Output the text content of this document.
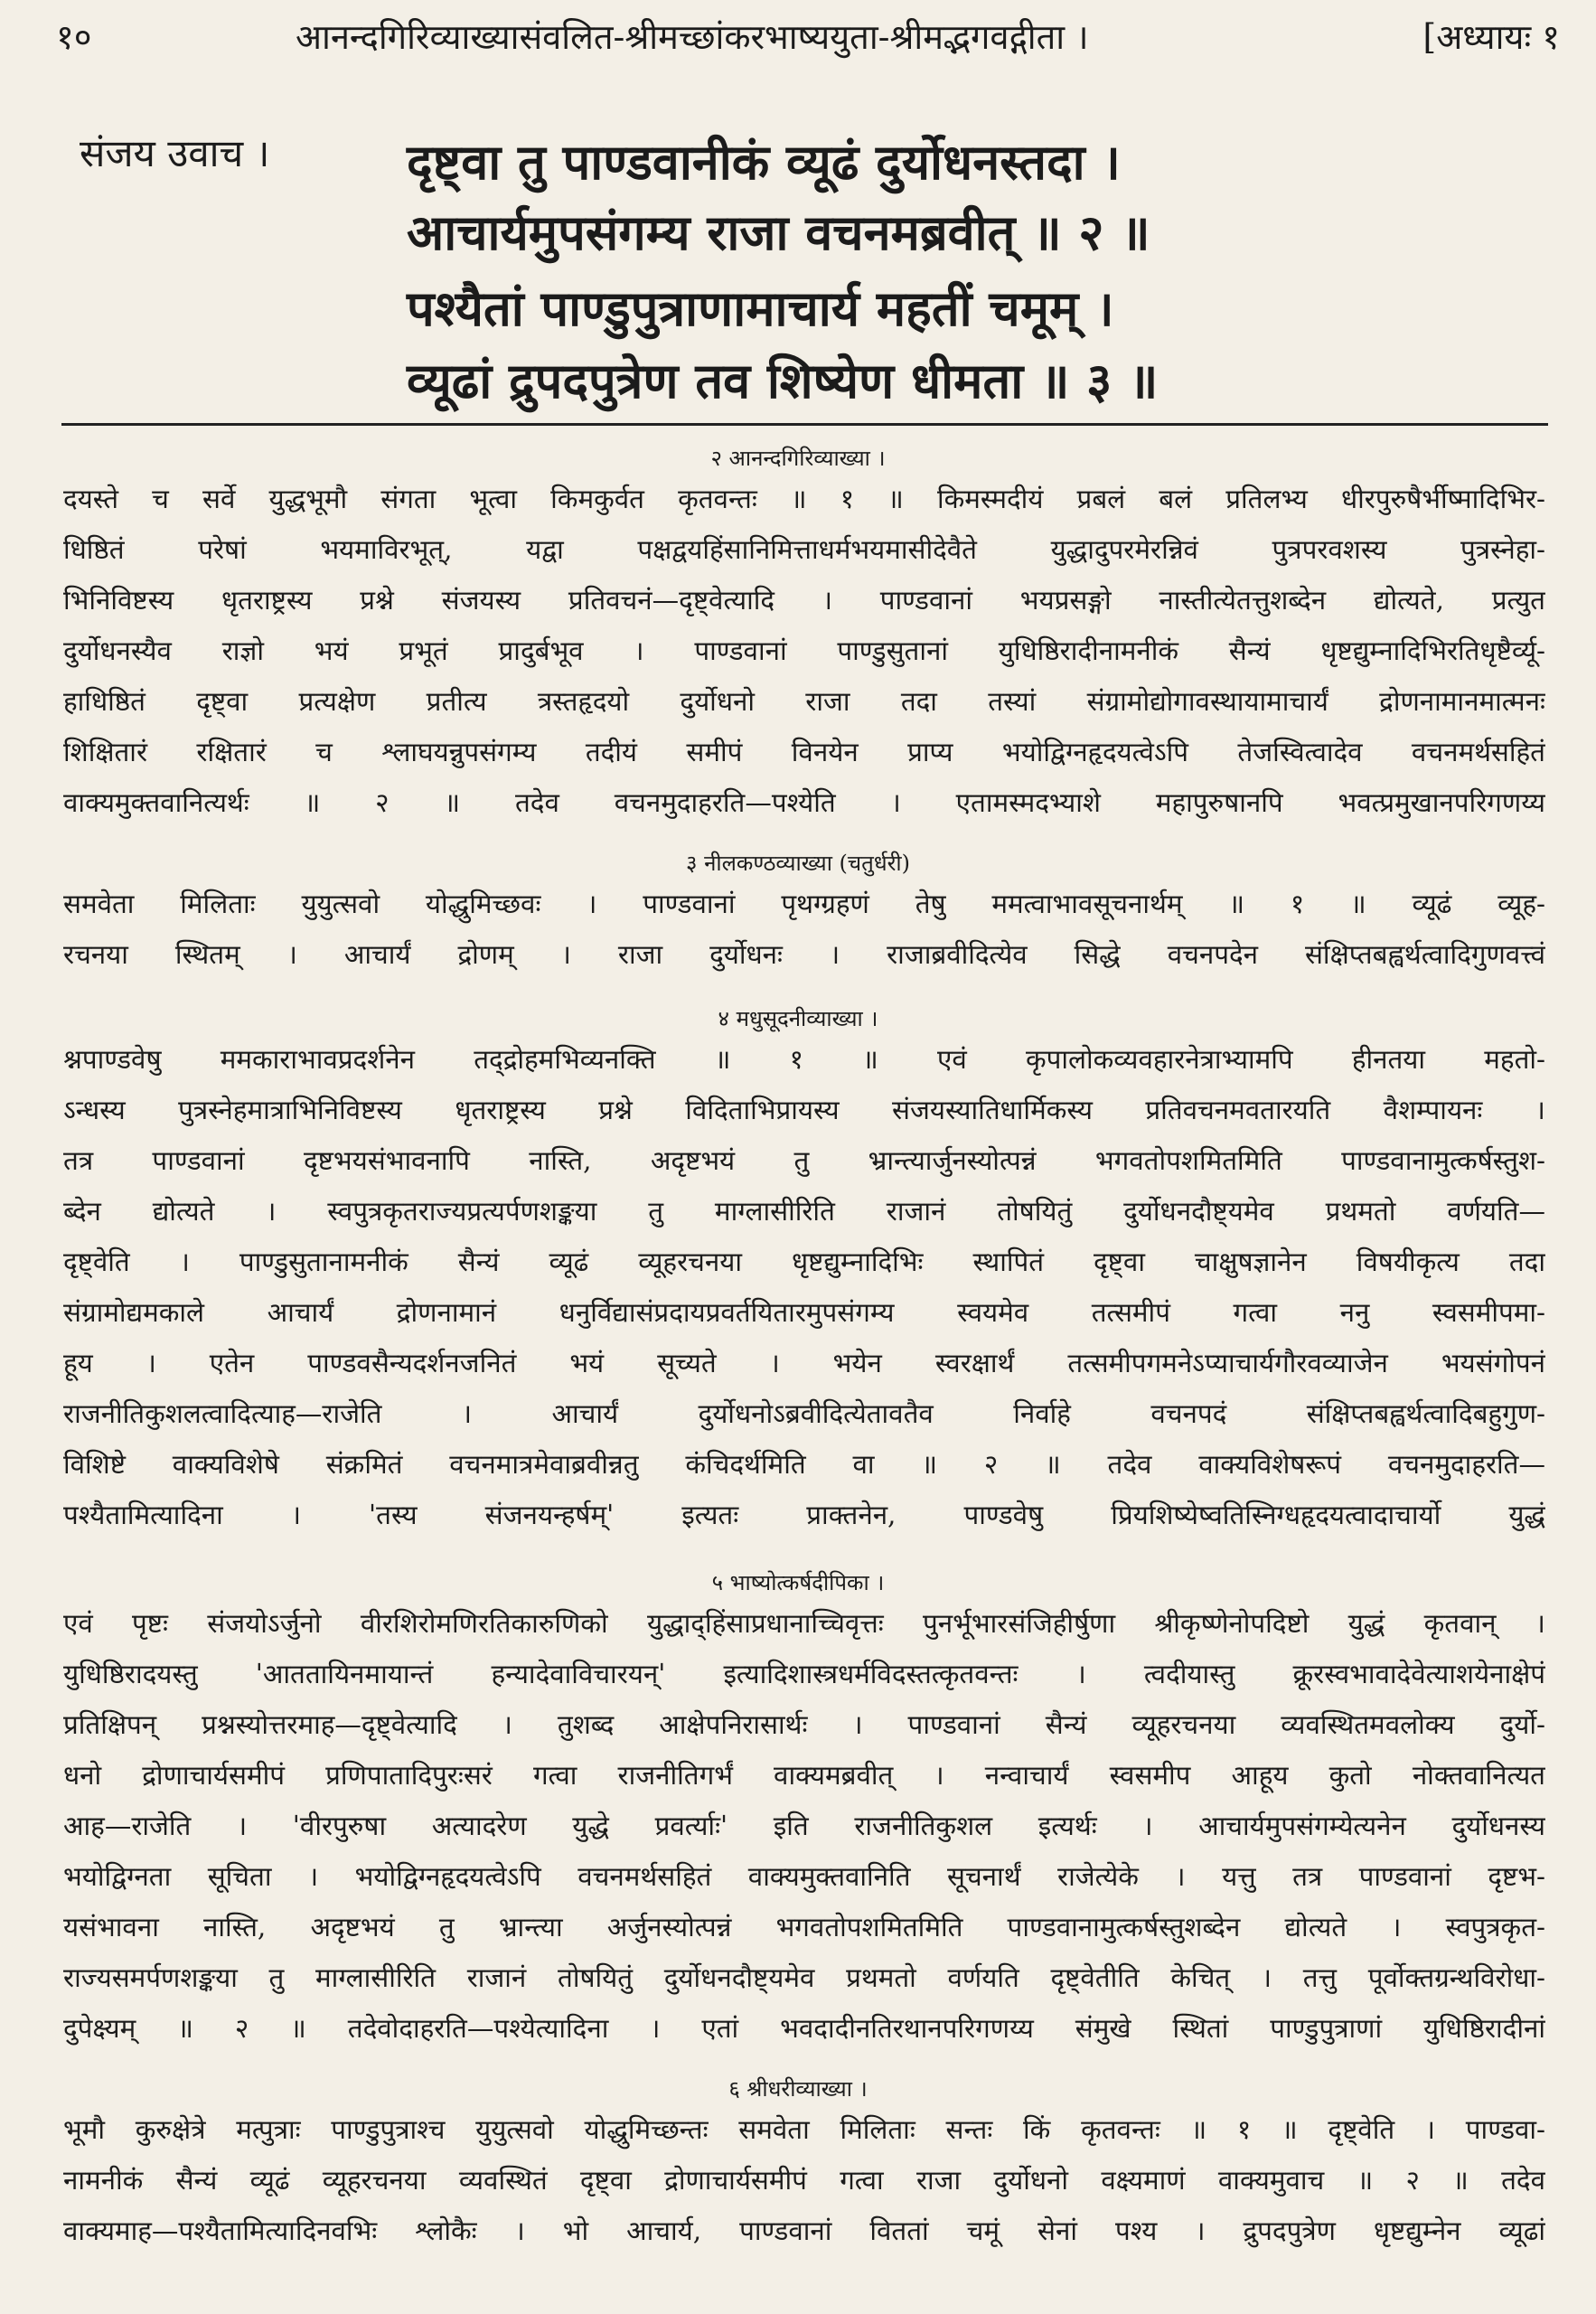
१०	आनन्दगिरिव्याख्यासंवलित-श्रीमच्छांकरभाष्ययुता-श्रीमद्भगवद्गीता ।	[अध्यायः १
संजय उवाच ।	दृष्ट्वा तु पाण्डवानीकं व्यूढं दुर्योधनस्तदा ।
आचार्यमुपसंगम्य राजा वचनमब्रवीत् ॥ २ ॥
पश्यैतां पाण्डुपुत्राणामाचार्य महतीं चमूम् ।
व्यूढां द्रुपदपुत्रेण तव शिष्येण धीमता ॥ ३ ॥
२ आनन्दगिरिव्याख्या ।
दयस्ते च सर्वे युद्धभूमौ संगता भूत्वा किमकुर्वत कृतवन्तः ॥ १ ॥ किमस्मदीयं प्रबलं बलं प्रतिलभ्य धीरपुरुषैर्भीष्मादिभिर-
धिष्ठितं परेषां भयमाविरभूत्, यद्वा पक्षद्वयहिंसानिमित्ताधर्मभयमासीदेवैते युद्धादुपरमेरन्निवं पुत्रपरवशस्य पुत्रस्नेहा-
भिनिविष्टस्य धृतराष्ट्रस्य प्रश्ने संजयस्य प्रतिवचनं—दृष्ट्वेत्यादि । पाण्डवानां भयप्रसङ्गो नास्तीत्येतत्तुशब्देन द्योत्यते, प्रत्युत
दुर्योधनस्यैव राज्ञो भयं प्रभूतं प्रादुर्बभूव । पाण्डवानां पाण्डुसुतानां युधिष्ठिरादीनामनीकं सैन्यं धृष्टद्युम्नादिभिरतिधृष्टैर्व्यू-
हाधिष्ठितं दृष्ट्वा प्रत्यक्षेण प्रतीत्य त्रस्तहृदयो दुर्योधनो राजा तदा तस्यां संग्रामोद्योगावस्थायामाचार्यं द्रोणनामानमात्मनः
शिक्षितारं रक्षितारं च श्लाघयन्नुपसंगम्य तदीयं समीपं विनयेन प्राप्य भयोद्विग्नहृदयत्वेऽपि तेजस्वित्वादेव वचनमर्थसहितं
वाक्यमुक्तवानित्यर्थः ॥ २ ॥ तदेव वचनमुदाहरति—पश्येति । एतामस्मदभ्याशे महापुरुषानपि भवत्प्रमुखानपरिगणय्य
३ नीलकण्ठव्याख्या (चतुर्धरी)
समवेता मिलिताः युयुत्सवो योद्धुमिच्छवः । पाण्डवानां पृथग्ग्रहणं तेषु ममत्वाभावसूचनार्थम् ॥ १ ॥ व्यूढं व्यूह-
रचनया स्थितम् । आचार्यं द्रोणम् । राजा दुर्योधनः । राजाब्रवीदित्येव सिद्धे वचनपदेन संक्षिप्तबह्वर्थत्वादिगुणवत्त्वं
४ मधुसूदनीव्याख्या ।
श्नपाण्डवेषु ममकाराभावप्रदर्शनेन तद्द्रोहमभिव्यनक्ति ॥ १ ॥ एवं कृपालोकव्यवहारनेत्राभ्यामपि हीनतया महतो-
ऽन्धस्य पुत्रस्नेहमात्राभिनिविष्टस्य धृतराष्ट्रस्य प्रश्ने विदिताभिप्रायस्य संजयस्यातिधार्मिकस्य प्रतिवचनमवतारयति वैशम्पायनः ।
तत्र पाण्डवानां दृष्टभयसंभावनापि नास्ति, अदृष्टभयं तु भ्रान्त्यार्जुनस्योत्पन्नं भगवतोपशमितमिति पाण्डवानामुत्कर्षस्तुश-
ब्देन द्योत्यते । स्वपुत्रकृतराज्यप्रत्यर्पणशङ्कया तु माग्लासीरिति राजानं तोषयितुं दुर्योधनदौष्ट्यमेव प्रथमतो वर्णयति—
दृष्ट्वेति । पाण्डुसुतानामनीकं सैन्यं व्यूढं व्यूहरचनया धृष्टद्युम्नादिभिः स्थापितं दृष्ट्वा चाक्षुषज्ञानेन विषयीकृत्य तदा
संग्रामोद्यमकाले आचार्यं द्रोणनामानं धनुर्विद्यासंप्रदायप्रवर्तयितारमुपसंगम्य स्वयमेव तत्समीपं गत्वा ननु स्वसमीपमा-
हूय । एतेन पाण्डवसैन्यदर्शनजनितं भयं सूच्यते । भयेन स्वरक्षार्थं तत्समीपगमनेऽप्याचार्यगौरवव्याजेन भयसंगोपनं
राजनीतिकुशलत्वादित्याह—राजेति । आचार्यं दुर्योधनोऽब्रवीदित्येतावतैव निर्वाहे वचनपदं संक्षिप्तबह्वर्थत्वादिबहुगुण-
विशिष्टे वाक्यविशेषे संक्रमितं वचनमात्रमेवाब्रवीन्नतु कंचिदर्थमिति वा ॥ २ ॥ तदेव वाक्यविशेषरूपं वचनमुदाहरति—
पश्यैतामित्यादिना । 'तस्य संजनयन्हर्षम्' इत्यतः प्राक्तनेन, पाण्डवेषु प्रियशिष्येष्वतिस्निग्धहृदयत्वादाचार्यो युद्धं
५ भाष्योत्कर्षदीपिका ।
एवं पृष्टः संजयोऽर्जुनो वीरशिरोमणिरतिकारुणिको युद्धाद्हिंसाप्रधानाच्चिवृत्तः पुनर्भूभारसंजिहीर्षुणा श्रीकृष्णेनोपदिष्टो युद्धं कृतवान् ।
युधिष्ठिरादयस्तु 'आततायिनमायान्तं हन्यादेवाविचारयन्' इत्यादिशास्त्रधर्मविदस्तत्कृतवन्तः । त्वदीयास्तु क्रूरस्वभावादेवेत्याशयेनाक्षेपं
प्रतिक्षिपन् प्रश्नस्योत्तरमाह—दृष्ट्वेत्यादि । तुशब्द आक्षेपनिरासार्थः । पाण्डवानां सैन्यं व्यूहरचनया व्यवस्थितमवलोक्य दुर्यो-
धनो द्रोणाचार्यसमीपं प्रणिपातादिपुरःसरं गत्वा राजनीतिगर्भं वाक्यमब्रवीत् । नन्वाचार्यं स्वसमीप आहूय कुतो नोक्तवानित्यत
आह—राजेति । 'वीरपुरुषा अत्यादरेण युद्धे प्रवर्त्याः' इति राजनीतिकुशल इत्यर्थः । आचार्यमुपसंगम्येत्यनेन दुर्योधनस्य
भयोद्विग्नता सूचिता । भयोद्विग्नहृदयत्वेऽपि वचनमर्थसहितं वाक्यमुक्तवानिति सूचनार्थं राजेत्येके । यत्तु तत्र पाण्डवानां दृष्टभ-
यसंभावना नास्ति, अदृष्टभयं तु भ्रान्त्या अर्जुनस्योत्पन्नं भगवतोपशमितमिति पाण्डवानामुत्कर्षस्तुशब्देन द्योत्यते । स्वपुत्रकृत-
राज्यसमर्पणशङ्कया तु माग्लासीरिति राजानं तोषयितुं दुर्योधनदौष्ट्यमेव प्रथमतो वर्णयति दृष्ट्वेतीति केचित् । तत्तु पूर्वोक्तग्रन्थविरोधा-
दुपेक्ष्यम् ॥ २ ॥ तदेवोदाहरति—पश्येत्यादिना । एतां भवदादीनतिरथानपरिगणय्य संमुखे स्थितां पाण्डुपुत्राणां युधिष्ठिरादीनां
६ श्रीधरीव्याख्या ।
भूमौ कुरुक्षेत्रे मत्पुत्राः पाण्डुपुत्राश्च युयुत्सवो योद्धुमिच्छन्तः समवेता मिलिताः सन्तः किं कृतवन्तः ॥ १ ॥ दृष्ट्वेति । पाण्डवा-
नामनीकं सैन्यं व्यूढं व्यूहरचनया व्यवस्थितं दृष्ट्वा द्रोणाचार्यसमीपं गत्वा राजा दुर्योधनो वक्ष्यमाणं वाक्यमुवाच ॥ २ ॥ तदेव
वाक्यमाह—पश्यैतामित्यादिनवभिः श्लोकैः । भो आचार्य, पाण्डवानां विततां चमूं सेनां पश्य । द्रुपदपुत्रेण धृष्टद्युम्नेन व्यूढां
